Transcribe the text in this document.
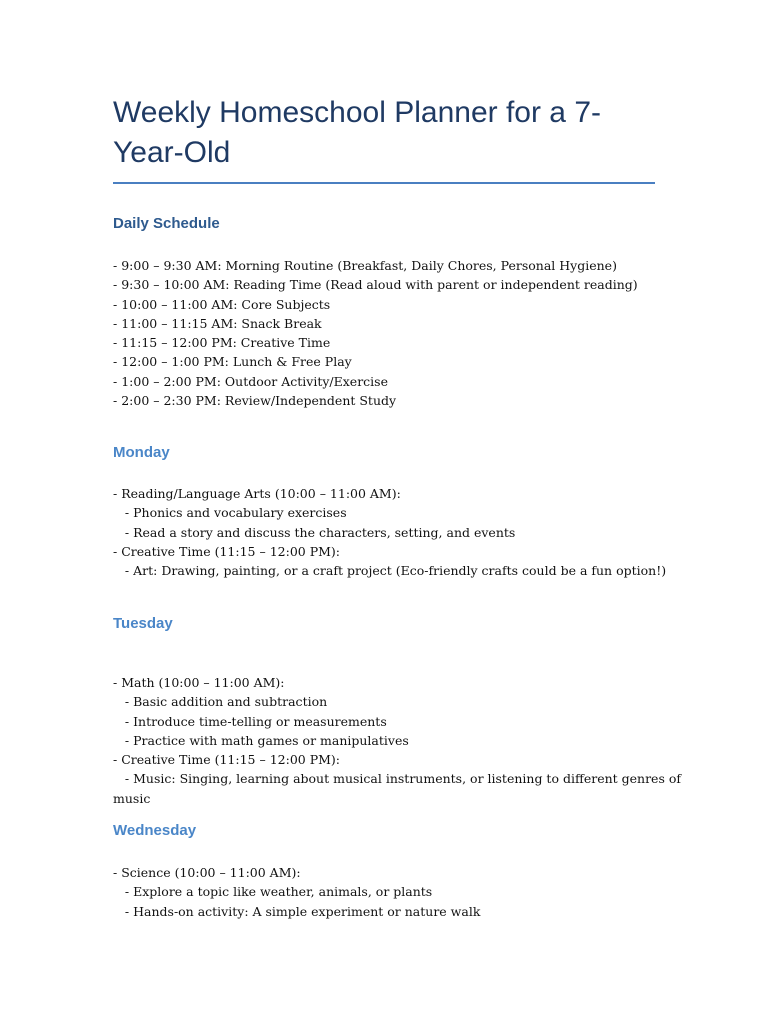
Weekly Homeschool Planner for a 7-Year-Old
Daily Schedule
- 9:00 – 9:30 AM: Morning Routine (Breakfast, Daily Chores, Personal Hygiene)
- 9:30 – 10:00 AM: Reading Time (Read aloud with parent or independent reading)
- 10:00 – 11:00 AM: Core Subjects
- 11:00 – 11:15 AM: Snack Break
- 11:15 – 12:00 PM: Creative Time
- 12:00 – 1:00 PM: Lunch & Free Play
- 1:00 – 2:00 PM: Outdoor Activity/Exercise
- 2:00 – 2:30 PM: Review/Independent Study
Monday
- Reading/Language Arts (10:00 – 11:00 AM):
- Phonics and vocabulary exercises
- Read a story and discuss the characters, setting, and events
- Creative Time (11:15 – 12:00 PM):
- Art: Drawing, painting, or a craft project (Eco-friendly crafts could be a fun option!)
Tuesday
- Math (10:00 – 11:00 AM):
- Basic addition and subtraction
- Introduce time-telling or measurements
- Practice with math games or manipulatives
- Creative Time (11:15 – 12:00 PM):
- Music: Singing, learning about musical instruments, or listening to different genres of
music
Wednesday
- Science (10:00 – 11:00 AM):
- Explore a topic like weather, animals, or plants
- Hands-on activity: A simple experiment or nature walk
